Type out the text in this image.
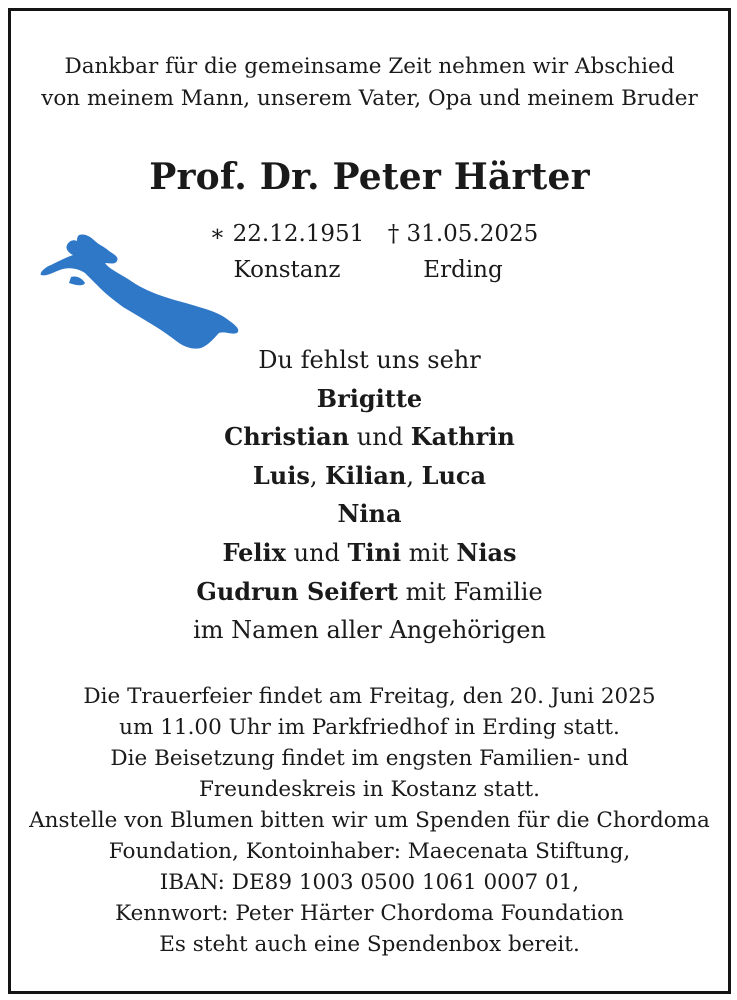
Dankbar für die gemeinsame Zeit nehmen wir Abschied
von meinem Mann, unserem Vater, Opa und meinem Bruder
Prof. Dr. Peter Härter
∗ 22.12.1951
Konstanz
† 31.05.2025
Erding
Du fehlst uns sehr
Brigitte
Christian und Kathrin
Luis, Kilian, Luca
Nina
Felix und Tini mit Nias
Gudrun Seifert mit Familie
im Namen aller Angehörigen
Die Trauerfeier findet am Freitag, den 20. Juni 2025
um 11.00 Uhr im Parkfriedhof in Erding statt.
Die Beisetzung findet im engsten Familien- und
Freundeskreis in Kostanz statt.
Anstelle von Blumen bitten wir um Spenden für die Chordoma
Foundation, Kontoinhaber: Maecenata Stiftung,
IBAN: DE89 1003 0500 1061 0007 01,
Kennwort: Peter Härter Chordoma Foundation
Es steht auch eine Spendenbox bereit.
